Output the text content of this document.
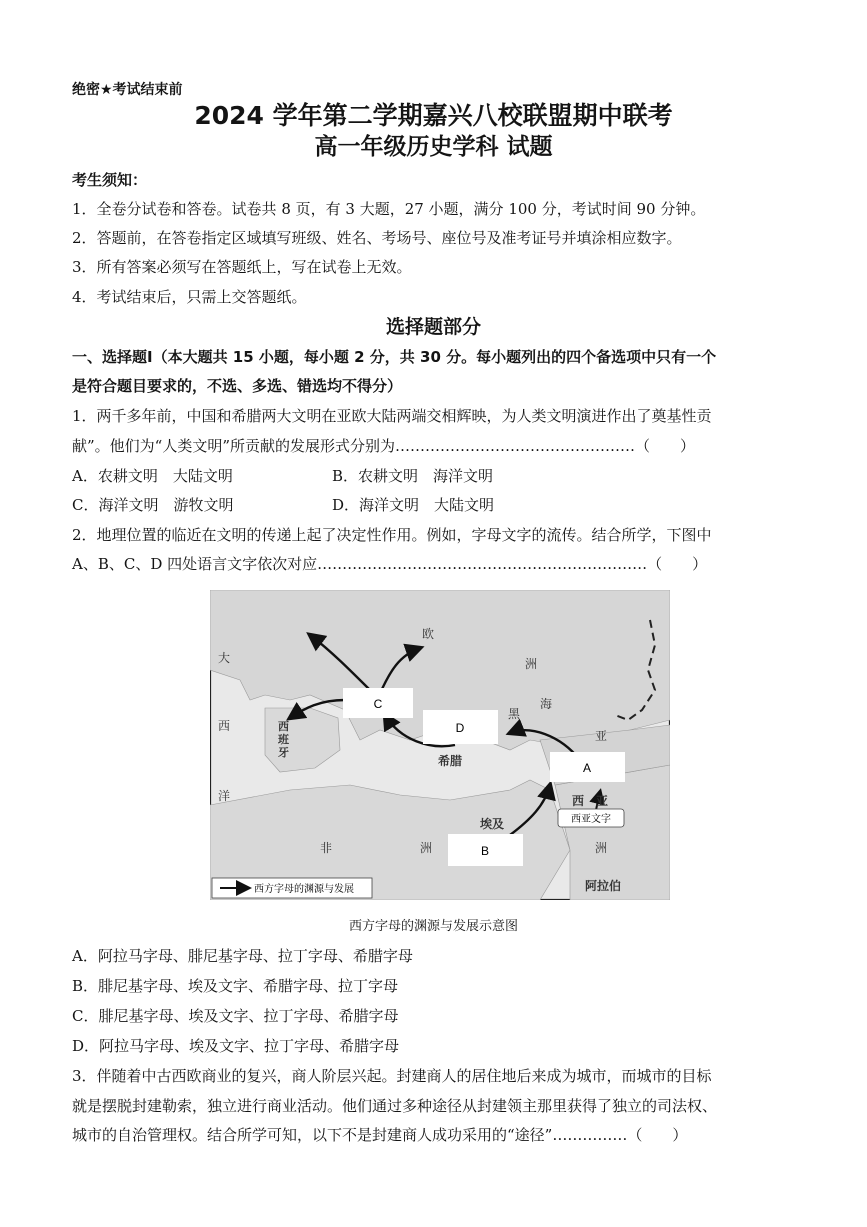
绝密★考试结束前
2024 学年第二学期嘉兴八校联盟期中联考
高一年级历史学科 试题
考生须知：
1．全卷分试卷和答卷。试卷共 8 页，有 3 大题，27 小题，满分 100 分，考试时间 90 分钟。
2．答题前，在答卷指定区域填写班级、姓名、考场号、座位号及准考证号并填涂相应数字。
3．所有答案必须写在答题纸上，写在试卷上无效。
4．考试结束后，只需上交答题纸。
选择题部分
一、选择题Ⅰ（本大题共 15 小题，每小题 2 分，共 30 分。每小题列出的四个备选项中只有一个
是符合题目要求的，不选、多选、错选均不得分）
1．两千多年前，中国和希腊两大文明在亚欧大陆两端交相辉映，为人类文明演进作出了奠基性贡
献”。他们为“人类文明”所贡献的发展形式分别为…………………………………………（　　）
A．农耕文明　大陆文明	B．农耕文明　海洋文明
C．海洋文明　游牧文明	D．海洋文明　大陆文明
2．地理位置的临近在文明的传递上起了决定性作用。例如，字母文字的流传。结合所学，下图中
A、B、C、D 四处语言文字依次对应…………………………………………………………（　　）
C
D
A
B
欧
洲
大
西
洋
西
班
牙
希腊
黑
海
亚
西　亚
埃及
非	洲	洲
阿拉伯
西亚文字
西方字母的渊源与发展
西方字母的渊源与发展示意图
A．阿拉马字母、腓尼基字母、拉丁字母、希腊字母
B．腓尼基字母、埃及文字、希腊字母、拉丁字母
C．腓尼基字母、埃及文字、拉丁字母、希腊字母
D．阿拉马字母、埃及文字、拉丁字母、希腊字母
3．伴随着中古西欧商业的复兴，商人阶层兴起。封建商人的居住地后来成为城市，而城市的目标
就是摆脱封建勒索，独立进行商业活动。他们通过多种途径从封建领主那里获得了独立的司法权、
城市的自治管理权。结合所学可知，以下不是封建商人成功采用的“途径”……………（　　）
